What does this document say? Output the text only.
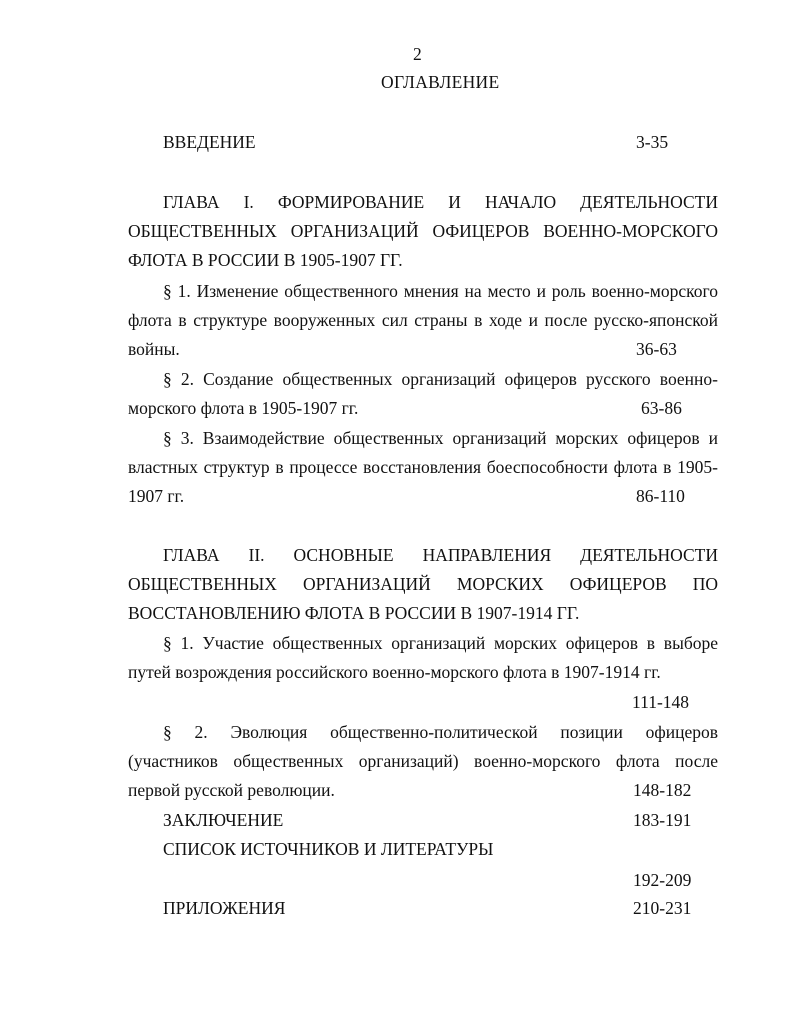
2
ОГЛАВЛЕНИЕ
ВВЕДЕНИЕ	3-35
ГЛАВА I. ФОРМИРОВАНИЕ И НАЧАЛО ДЕЯТЕЛЬНОСТИ
ОБЩЕСТВЕННЫХ ОРГАНИЗАЦИЙ ОФИЦЕРОВ ВОЕННО-МОРСКОГО
ФЛОТА В РОССИИ В 1905-1907 ГГ.
§ 1. Изменение общественного мнения на место и роль военно-морского
флота в структуре вооруженных сил страны в ходе и после русско-японской
войны.	36-63
§ 2. Создание общественных организаций офицеров русского военно-
морского флота в 1905-1907 гг.	63-86
§ 3. Взаимодействие общественных организаций морских офицеров и
властных структур в процессе восстановления боеспособности флота в 1905-
1907 гг.	86-110
ГЛАВА II. ОСНОВНЫЕ НАПРАВЛЕНИЯ ДЕЯТЕЛЬНОСТИ
ОБЩЕСТВЕННЫХ ОРГАНИЗАЦИЙ МОРСКИХ ОФИЦЕРОВ ПО
ВОССТАНОВЛЕНИЮ ФЛОТА В РОССИИ В 1907-1914 ГГ.
§ 1. Участие общественных организаций морских офицеров в выборе
путей возрождения российского военно-морского флота в 1907-1914 гг.
111-148
§ 2. Эволюция общественно-политической позиции офицеров
(участников общественных организаций) военно-морского флота после
первой русской революции.	148-182
ЗАКЛЮЧЕНИЕ	183-191
СПИСОК ИСТОЧНИКОВ И ЛИТЕРАТУРЫ
192-209
ПРИЛОЖЕНИЯ	210-231
